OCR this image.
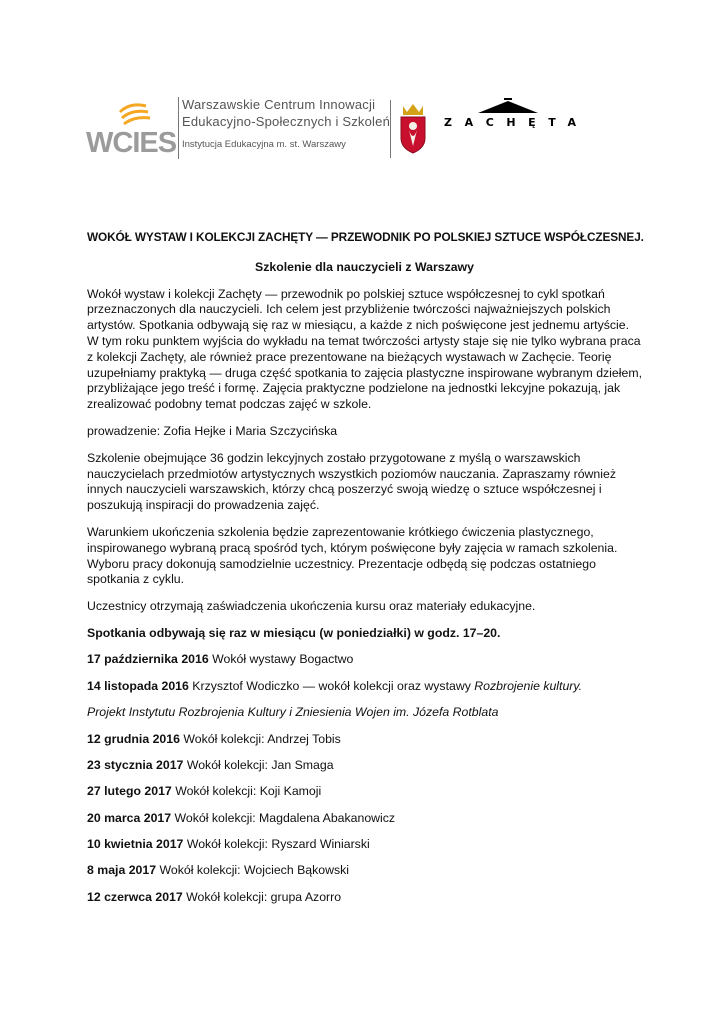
WCIES
Warszawskie Centrum Innowacji
Edukacyjno-Społecznych i Szkoleń
Instytucja Edukacyjna m. st. Warszawy
ZACHĘTA

WOKÓŁ WYSTAW I KOLEKCJI ZACHĘTY — PRZEWODNIK PO POLSKIEJ SZTUCE WSPÓŁCZESNEJ.

Szkolenie dla nauczycieli z Warszawy

Wokół wystaw i kolekcji Zachęty — przewodnik po polskiej sztuce współczesnej to cykl spotkań przeznaczonych dla nauczycieli. Ich celem jest przybliżenie twórczości najważniejszych polskich artystów. Spotkania odbywają się raz w miesiącu, a każde z nich poświęcone jest jednemu artyście. W tym roku punktem wyjścia do wykładu na temat twórczości artysty staje się nie tylko wybrana praca z kolekcji Zachęty, ale również prace prezentowane na bieżących wystawach w Zachęcie. Teorię uzupełniamy praktyką — druga część spotkania to zajęcia plastyczne inspirowane wybranym dziełem, przybliżające jego treść i formę. Zajęcia praktyczne podzielone na jednostki lekcyjne pokazują, jak zrealizować podobny temat podczas zajęć w szkole.

prowadzenie: Zofia Hejke i Maria Szczycińska

Szkolenie obejmujące 36 godzin lekcyjnych zostało przygotowane z myślą o warszawskich nauczycielach przedmiotów artystycznych wszystkich poziomów nauczania. Zapraszamy również innych nauczycieli warszawskich, którzy chcą poszerzyć swoją wiedzę o sztuce współczesnej i poszukują inspiracji do prowadzenia zajęć.

Warunkiem ukończenia szkolenia będzie zaprezentowanie krótkiego ćwiczenia plastycznego, inspirowanego wybraną pracą spośród tych, którym poświęcone były zajęcia w ramach szkolenia. Wyboru pracy dokonują samodzielnie uczestnicy. Prezentacje odbędą się podczas ostatniego spotkania z cyklu.

Uczestnicy otrzymają zaświadczenia ukończenia kursu oraz materiały edukacyjne.

Spotkania odbywają się raz w miesiącu (w poniedziałki) w godz. 17–20.

17 października 2016 Wokół wystawy Bogactwo

14 listopada 2016 Krzysztof Wodiczko — wokół kolekcji oraz wystawy Rozbrojenie kultury.

Projekt Instytutu Rozbrojenia Kultury i Zniesienia Wojen im. Józefa Rotblata

12 grudnia 2016 Wokół kolekcji: Andrzej Tobis

23 stycznia 2017 Wokół kolekcji: Jan Smaga

27 lutego 2017 Wokół kolekcji: Koji Kamoji

20 marca 2017 Wokół kolekcji: Magdalena Abakanowicz

10 kwietnia 2017 Wokół kolekcji: Ryszard Winiarski

8 maja 2017 Wokół kolekcji: Wojciech Bąkowski

12 czerwca 2017 Wokół kolekcji: grupa Azorro
